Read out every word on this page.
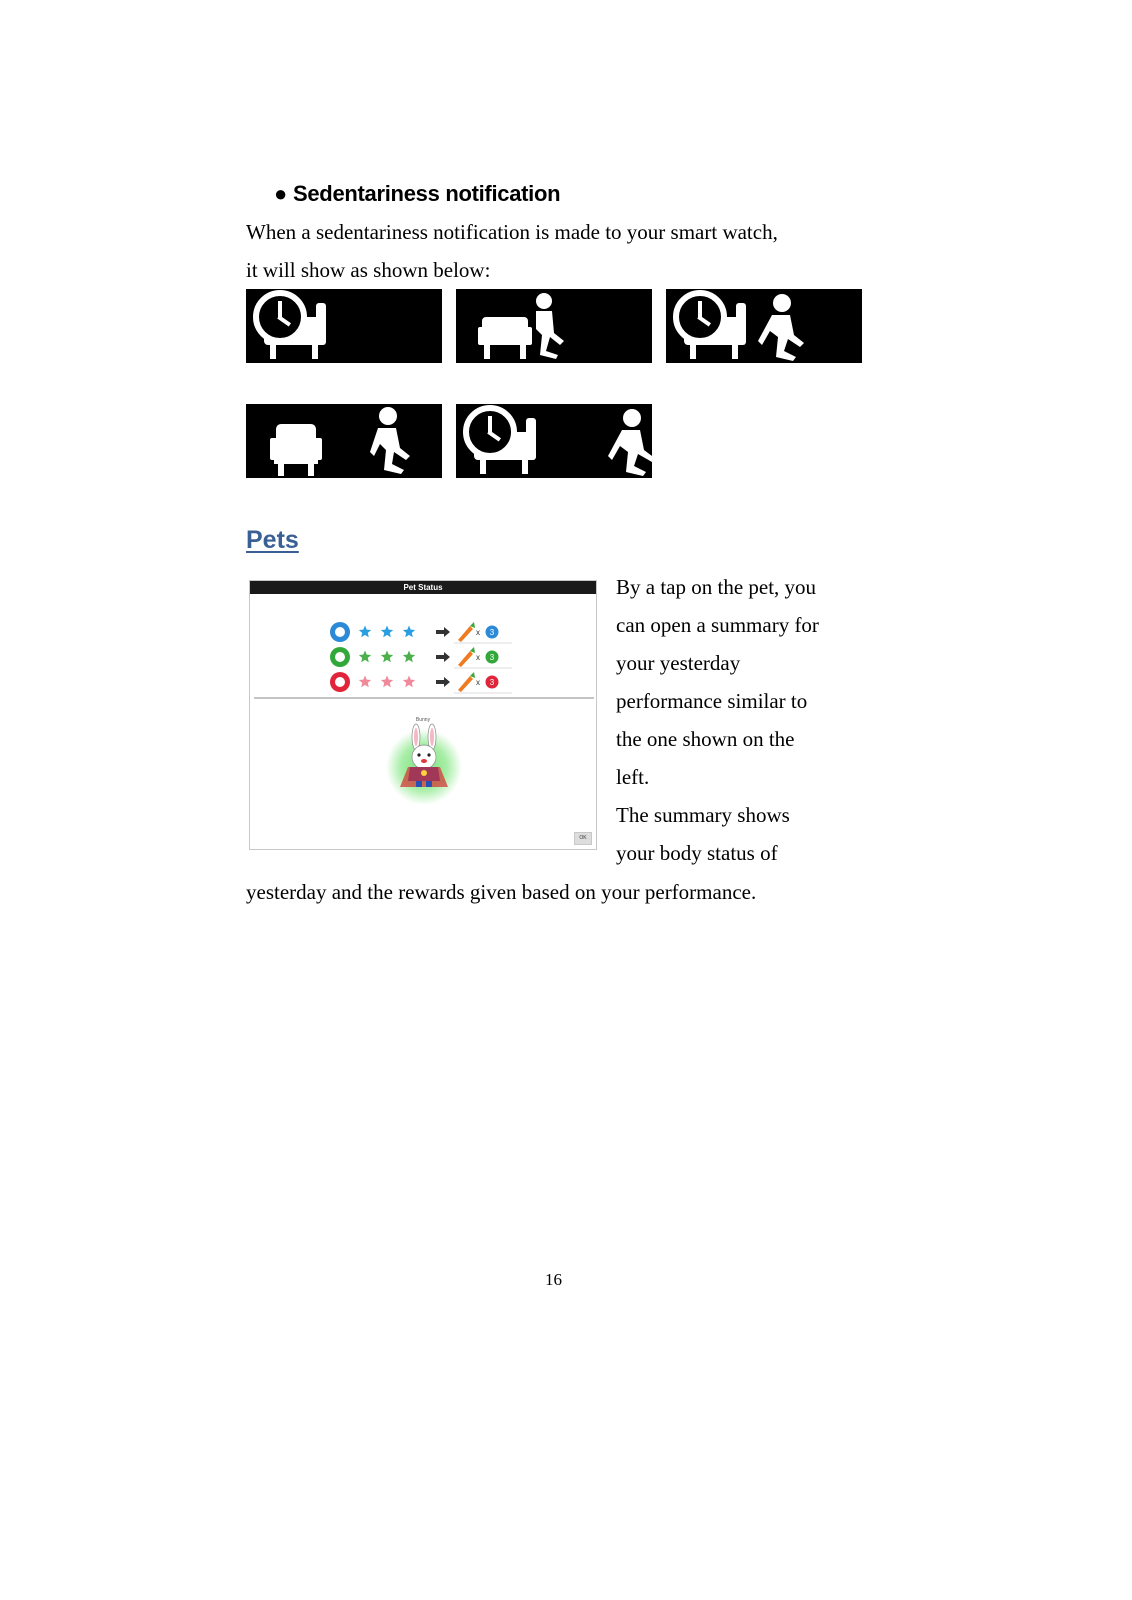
● Sedentariness notification
When a sedentariness notification is made to your smart watch,
it will show as shown below:
Pets
Pet Status
x 3
x 3
x 3
Bunny
OK
By a tap on the pet, you
can open a summary for
your yesterday
performance similar to
the one shown on the
left.
The summary shows
your body status of
yesterday and the rewards given based on your performance.
16
